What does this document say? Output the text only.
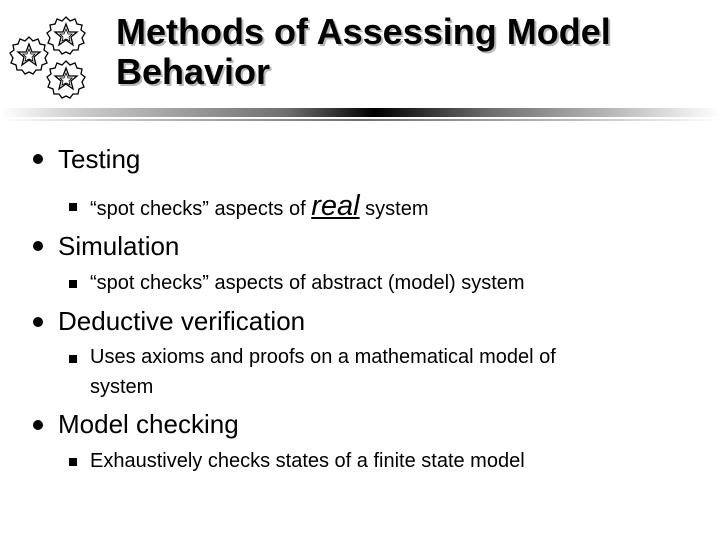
Methods of Assessing Model Behavior
Testing
“spot checks” aspects of real system
Simulation
“spot checks” aspects of abstract (model) system
Deductive verification
Uses axioms and proofs on a mathematical model of
system
Model checking
Exhaustively checks states of a finite state model
